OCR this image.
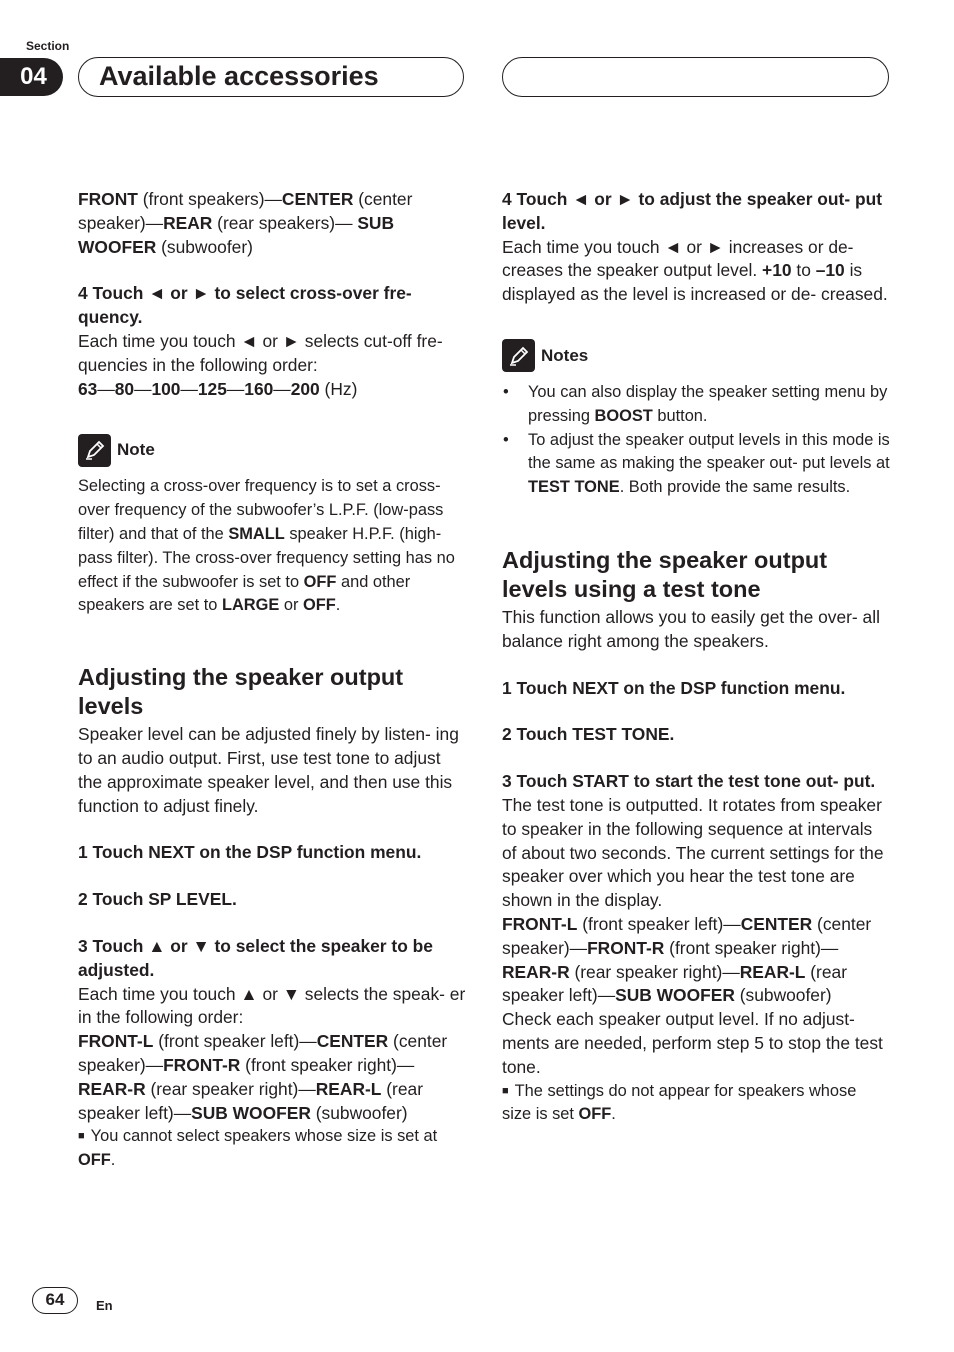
Section
04	Available accessories

FRONT (front speakers)—CENTER (center speaker)—REAR (rear speakers)— SUB WOOFER (subwoofer)

4 Touch ◄ or ► to select cross-over fre- quency.

Each time you touch ◄ or ► selects cut-off fre- quencies in the following order:

63—80—100—125—160—200 (Hz)

Note

Selecting a cross-over frequency is to set a cross- over frequency of the subwoofer’s L.P.F. (low-pass filter) and that of the SMALL speaker H.P.F. (high- pass filter). The cross-over frequency setting has no effect if the subwoofer is set to OFF and other speakers are set to LARGE or OFF.

Adjusting the speaker output levels

Speaker level can be adjusted finely by listen- ing to an audio output. First, use test tone to adjust the approximate speaker level, and then use this function to adjust finely.

1 Touch NEXT on the DSP function menu.

2 Touch SP LEVEL.

3 Touch ▲ or ▼ to select the speaker to be adjusted.

Each time you touch ▲ or ▼ selects the speak- er in the following order:

FRONT-L (front speaker left)—CENTER (center speaker)—FRONT-R (front speaker right)— REAR-R (rear speaker right)—REAR-L (rear speaker left)—SUB WOOFER (subwoofer)

■ You cannot select speakers whose size is set at OFF.

4 Touch ◄ or ► to adjust the speaker out- put level.

Each time you touch ◄ or ► increases or de- creases the speaker output level. +10 to –10 is displayed as the level is increased or de- creased.

Notes
• You can also display the speaker setting menu by pressing BOOST button.
• To adjust the speaker output levels in this mode is the same as making the speaker out- put levels at TEST TONE. Both provide the same results.

Adjusting the speaker output levels using a test tone

This function allows you to easily get the over- all balance right among the speakers.

1 Touch NEXT on the DSP function menu.

2 Touch TEST TONE.

3 Touch START to start the test tone out- put.

The test tone is outputted. It rotates from speaker to speaker in the following sequence at intervals of about two seconds. The current settings for the speaker over which you hear the test tone are shown in the display.

FRONT-L (front speaker left)—CENTER (center speaker)—FRONT-R (front speaker right)— REAR-R (rear speaker right)—REAR-L (rear speaker left)—SUB WOOFER (subwoofer)

Check each speaker output level. If no adjust- ments are needed, perform step 5 to stop the test tone.

■ The settings do not appear for speakers whose size is set OFF.

64	En
